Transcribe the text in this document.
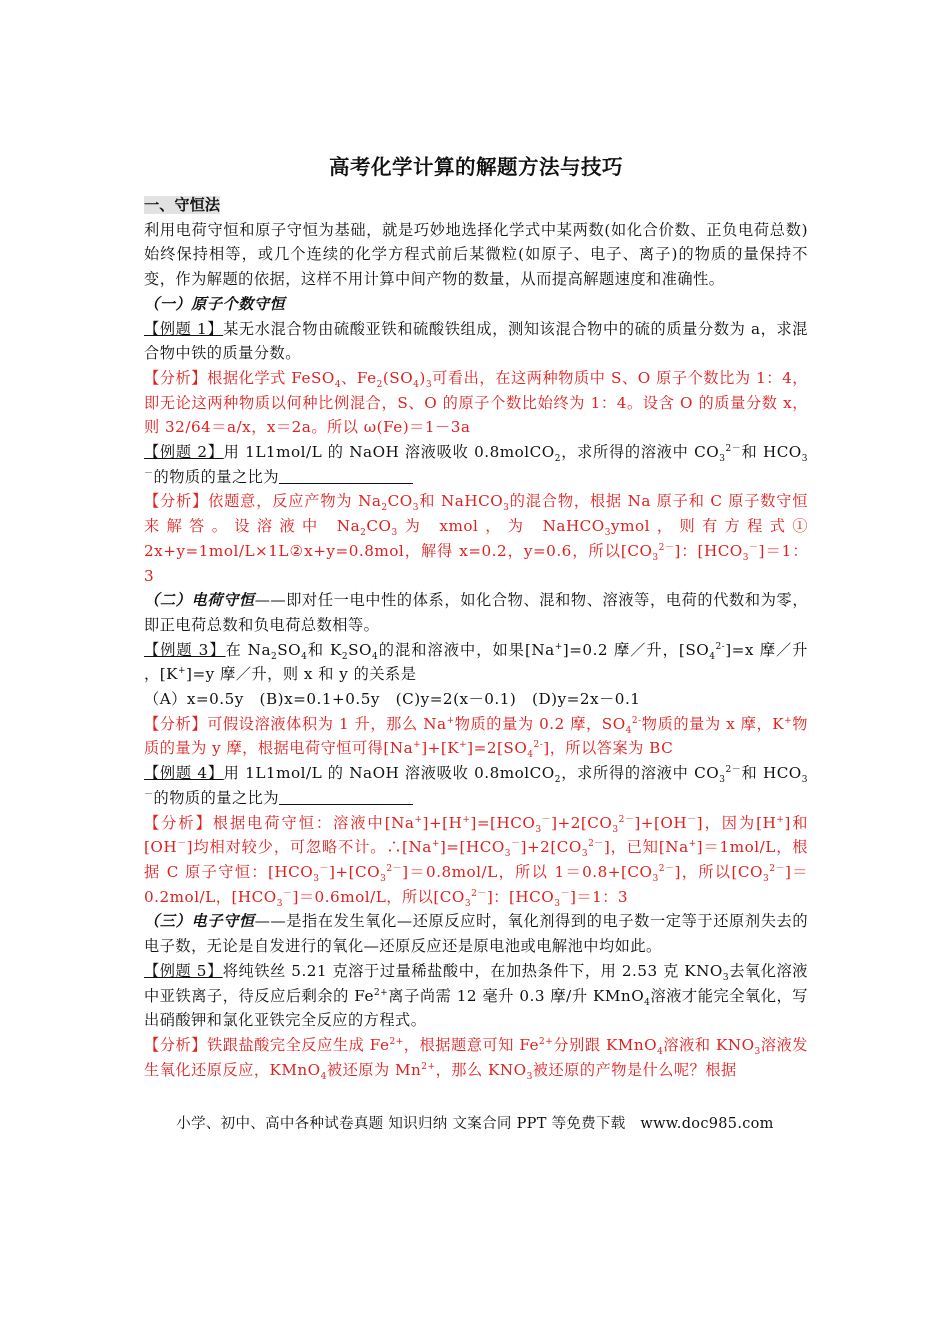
高考化学计算的解题方法与技巧
一、守恒法

利用电荷守恒和原子守恒为基础，就是巧妙地选择化学式中某两数(如化合价数、正负电荷总数)始终保持相等，或几个连续的化学方程式前后某微粒(如原子、电子、离子)的物质的量保持不变，作为解题的依据，这样不用计算中间产物的数量，从而提高解题速度和准确性。

（一）原子个数守恒

【例题 1】某无水混合物由硫酸亚铁和硫酸铁组成，测知该混合物中的硫的质量分数为 a，求混合物中铁的质量分数。

【分析】根据化学式 FeSO$_4$、$Fe_2(SO_4)_3$可看出，在这两种物质中 S、O 原子个数比为 1：4，即无论这两种物质以何种比例混合，S、O 的原子个数比始终为 1：4。设含 O 的质量分数 x，则 32/64＝a/x，x＝2a。所以 ω(Fe)＝1－3a

【例题 2】用 1L1mol/L 的 NaOH 溶液吸收 0.8molCO$_2$，求所得的溶液中 $CO_3^{2-}$和 $HCO_3^-$的物质的量之比为

【分析】依题意，反应产物为 $Na_2CO_3$和 NaHCO$_3$的混合物，根据 Na 原子和 C 原子数守恒来解答。设溶液中 $Na_2CO_3$为 xmol，为 NaHCO$_3$ymol，则有方程式① 2x+y=1mol/L×1L②x+y=0.8mol，解得 x=0.2，y=0.6，所以$[CO_3^{2-}]$：$[HCO_3^-]=1$：3

（二）电荷守恒——即对任一电中性的体系，如化合物、混和物、溶液等，电荷的代数和为零，即正电荷总数和负电荷总数相等。

【例题 3】在 $Na_2SO_4$和 $K_2SO_4$的混和溶液中，如果[Na+]=0.2 摩／升，$[SO_4^{2-}]=x$ 摩／升 ，[K+]=y 摩／升，则 x 和 y 的关系是

（A）x=0.5y　(B)x=0.1+0.5y　(C)y=2(x－0.1)　(D)y=2x－0.1

【分析】可假设溶液体积为 1 升，那么 Na+物质的量为 0.2 摩，$SO_4^{2-}$物质的量为 x 摩，K+物质的量为 y 摩，根据电荷守恒可得$[Na^+]+[K^+]=2[SO_4^{2-}]$，所以答案为 BC

【例题 4】用 1L1mol/L 的 NaOH 溶液吸收 0.8molCO$_2$，求所得的溶液中 $CO_3^{2-}$和 $HCO_3^-$的物质的量之比为

【分析】根据电荷守恒：溶液中$[Na^+]+[H^+]=[HCO_3^-]+2[CO_3^{2-}]+[OH^-]$，因为[H+]和[OH－]均相对较少，可忽略不计。$\therefore[Na^+]=[HCO_3^-]+2[CO_3^{2-}]$，已知[Na+]＝1mol/L，根据 C 原子守恒：$[HCO_3^-]+[CO_3^{2-}]=0.8mol/L$，所以 $1=0.8+[CO_3^{2-}]$，所以$[CO_3^{2-}]=0.2mol/L$，$[HCO_3^-]=0.6mol/L$，所以$[CO_3^{2-}]$：$[HCO_3^-]=1$：3

（三）电子守恒——是指在发生氧化—还原反应时，氧化剂得到的电子数一定等于还原剂失去的电子数，无论是自发进行的氧化—还原反应还是原电池或电解池中均如此。

【例题 5】将纯铁丝 5.21 克溶于过量稀盐酸中，在加热条件下，用 2.53 克 $KNO_3$去氧化溶液中亚铁离子，待反应后剩余的 $Fe^{2+}$离子尚需 12 毫升 0.3 摩/升 KMnO$_4$溶液才能完全氧化，写出硝酸钾和氯化亚铁完全反应的方程式。

【分析】铁跟盐酸完全反应生成 $Fe^{2+}$，根据题意可知 $Fe^{2+}$分别跟 KMnO$_4$溶液和 $KNO_3$溶液发生氧化还原反应，KMnO$_4$被还原为 $Mn^{2+}$，那么 $KNO_3$被还原的产物是什么呢？根据

小学、初中、高中各种试卷真题 知识归纳 文案合同 PPT 等免费下载　www.doc985.com
